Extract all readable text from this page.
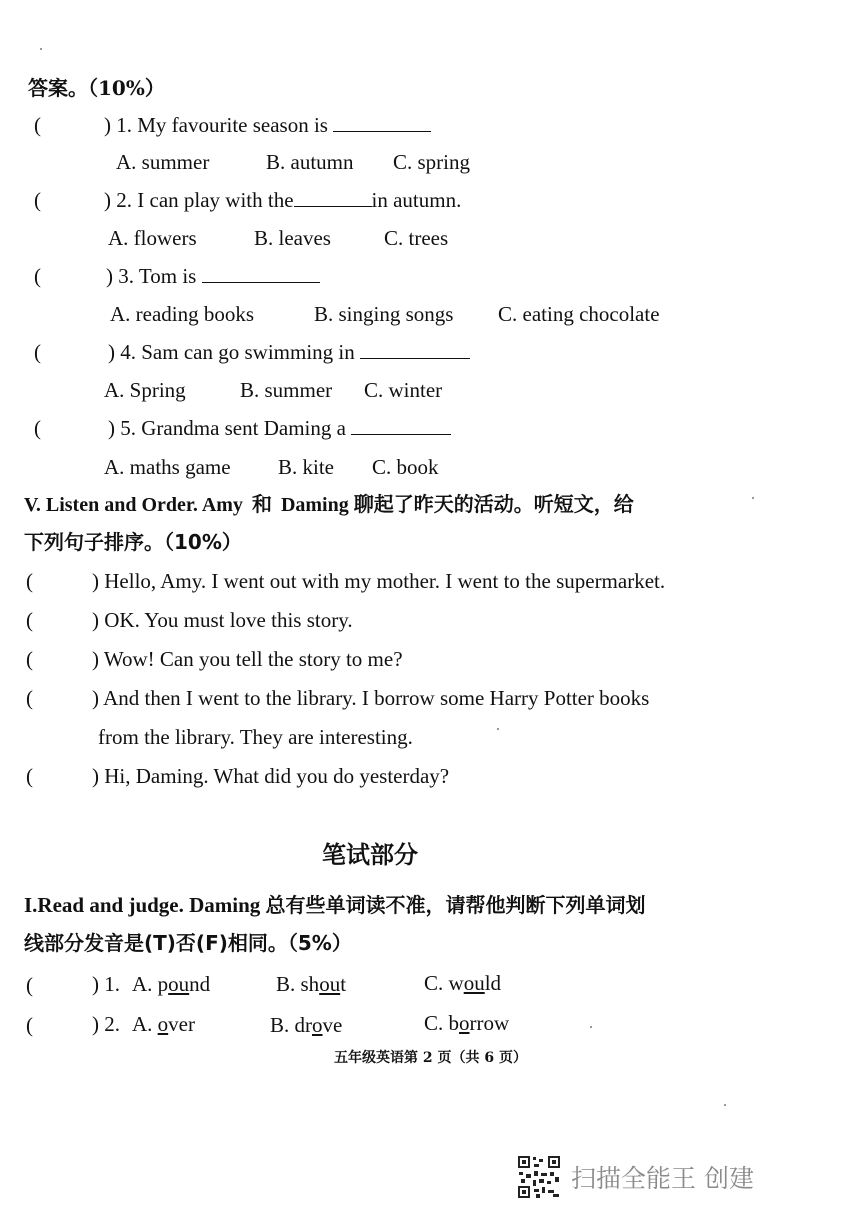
答案。（10%）
(	) 1. My favourite season is
A. summer	B. autumn C. spring
(	) 2. I can play with the	in autumn.
A. flowers	B. leaves	C. trees
(	) 3. Tom is
A. reading books	B. singing songs C. eating chocolate
(	) 4. Sam can go swimming in
A. Spring	B. summer C. winter
(	) 5. Grandma sent Daming a
A. maths game B. kite C. book
V. Listen and Order. Amy 和 Daming 聊起了昨天的活动。听短文，给
下列句子排序。（10%）
(	) Hello, Amy. I went out with my mother. I went to the supermarket.
(	) OK. You must love this story.
(	) Wow! Can you tell the story to me?
(	) And then I went to the library. I borrow some Harry Potter books
from the library. They are interesting.
(	) Hi, Daming. What did you do yesterday?
笔试部分
I.Read and judge. Daming 总有些单词读不准，请帮他判断下列单词划
线部分发音是(T)否(F)相同。（5%）
(	) 1. A. pound	B. shout	C. would
(	) 2. A. over	B. drove	C. borrow
五年级英语第 2 页（共 6 页）
扫描全能王 创建
